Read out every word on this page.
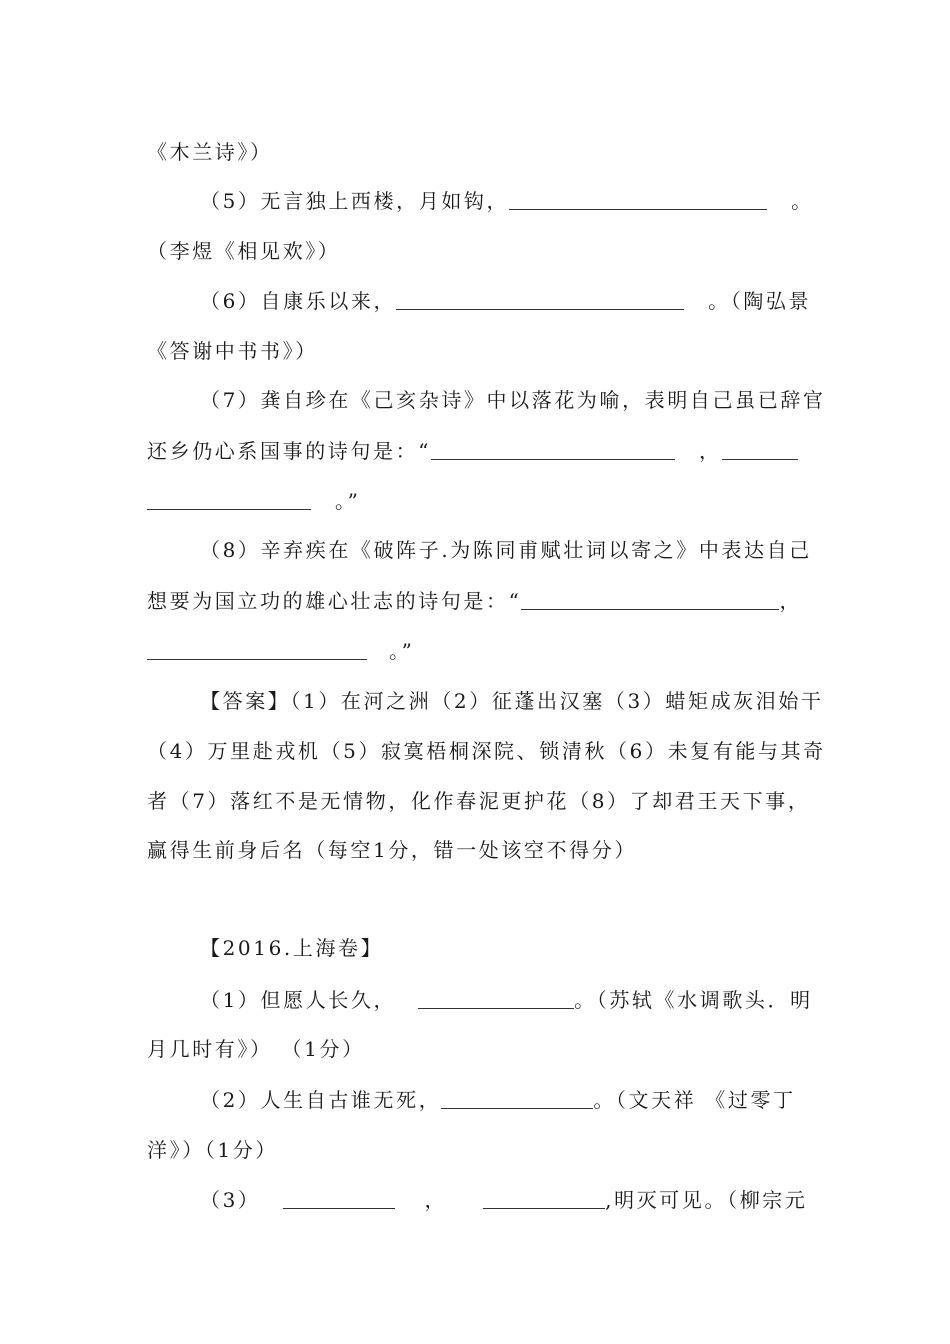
《木兰诗》）
（5）无言独上西楼，月如钩，	。
（李煜《相见欢》）
（6）自康乐以来，	。（陶弘景
《答谢中书书》）
（7）龚自珍在《己亥杂诗》中以落花为喻，表明自己虽已辞官
还乡仍心系国事的诗句是：“	，
。”
（8）辛弃疾在《破阵子.为陈同甫赋壮词以寄之》中表达自己
想要为国立功的雄心壮志的诗句是：“	，
。”
【答案】（1）在河之洲（2）征蓬出汉塞（3）蜡矩成灰泪始干
（4）万里赴戎机（5）寂寞梧桐深院、锁清秋（6）未复有能与其奇
者（7）落红不是无情物，化作春泥更护花（8）了却君王天下事，
赢得生前身后名（每空1分，错一处该空不得分）
【2016.上海卷】
（1）但愿人长久，	。（苏轼《水调歌头．明
月几时有》） （1分）
（2）人生自古谁无死，	。（文天祥 《过零丁
洋》）（1分）
（3）	，	,明灭可见。（柳宗元
